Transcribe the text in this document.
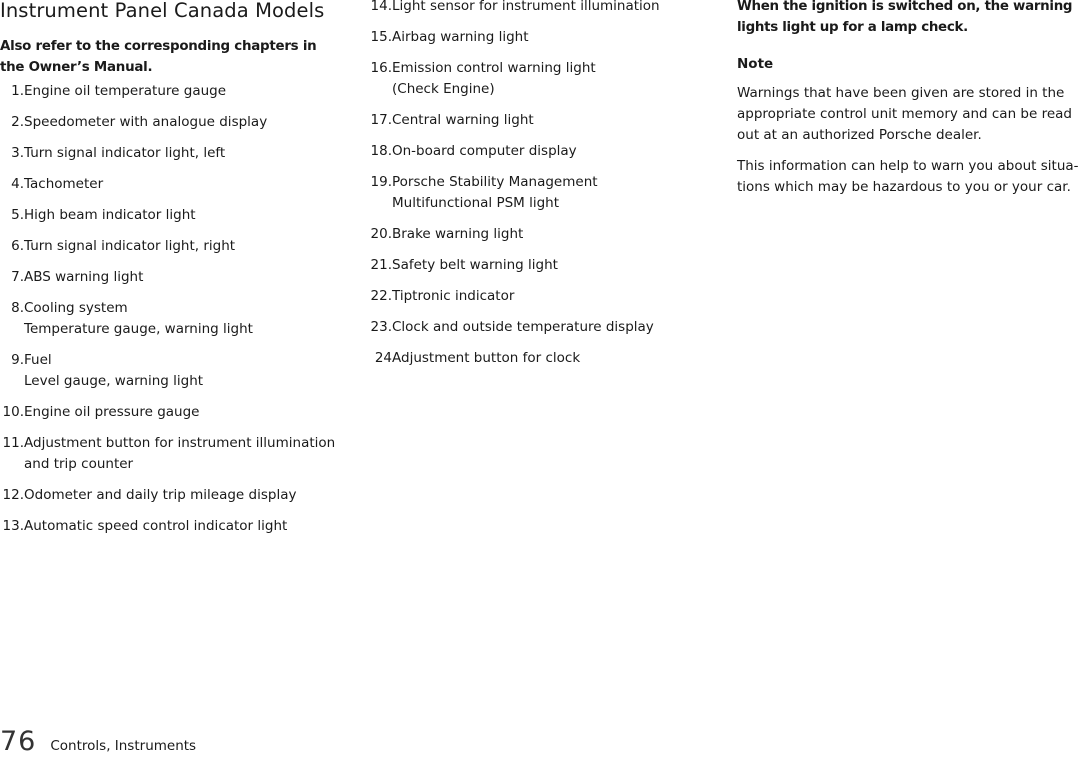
Instrument Panel Canada Models

Also refer to the corresponding chapters in the Owner’s Manual.

1. Engine oil temperature gauge
2. Speedometer with analogue display
3. Turn signal indicator light, left
4. Tachometer
5. High beam indicator light
6. Turn signal indicator light, right
7. ABS warning light
8. Cooling system
Temperature gauge, warning light
9. Fuel
Level gauge, warning light
10. Engine oil pressure gauge
11. Adjustment button for instrument illumination
and trip counter
12. Odometer and daily trip mileage display
13. Automatic speed control indicator light
14. Light sensor for instrument illumination
15. Airbag warning light
16. Emission control warning light
(Check Engine)
17. Central warning light
18. On-board computer display
19. Porsche Stability Management
Multifunctional PSM light
20. Brake warning light
21. Safety belt warning light
22. Tiptronic indicator
23. Clock and outside temperature display
24 Adjustment button for clock

When the ignition is switched on, the warning lights light up for a lamp check.

Note

Warnings that have been given are stored in the appropriate control unit memory and can be read out at an authorized Porsche dealer.

This information can help to warn you about situa-tions which may be hazardous to you or your car.

76 Controls, Instruments
